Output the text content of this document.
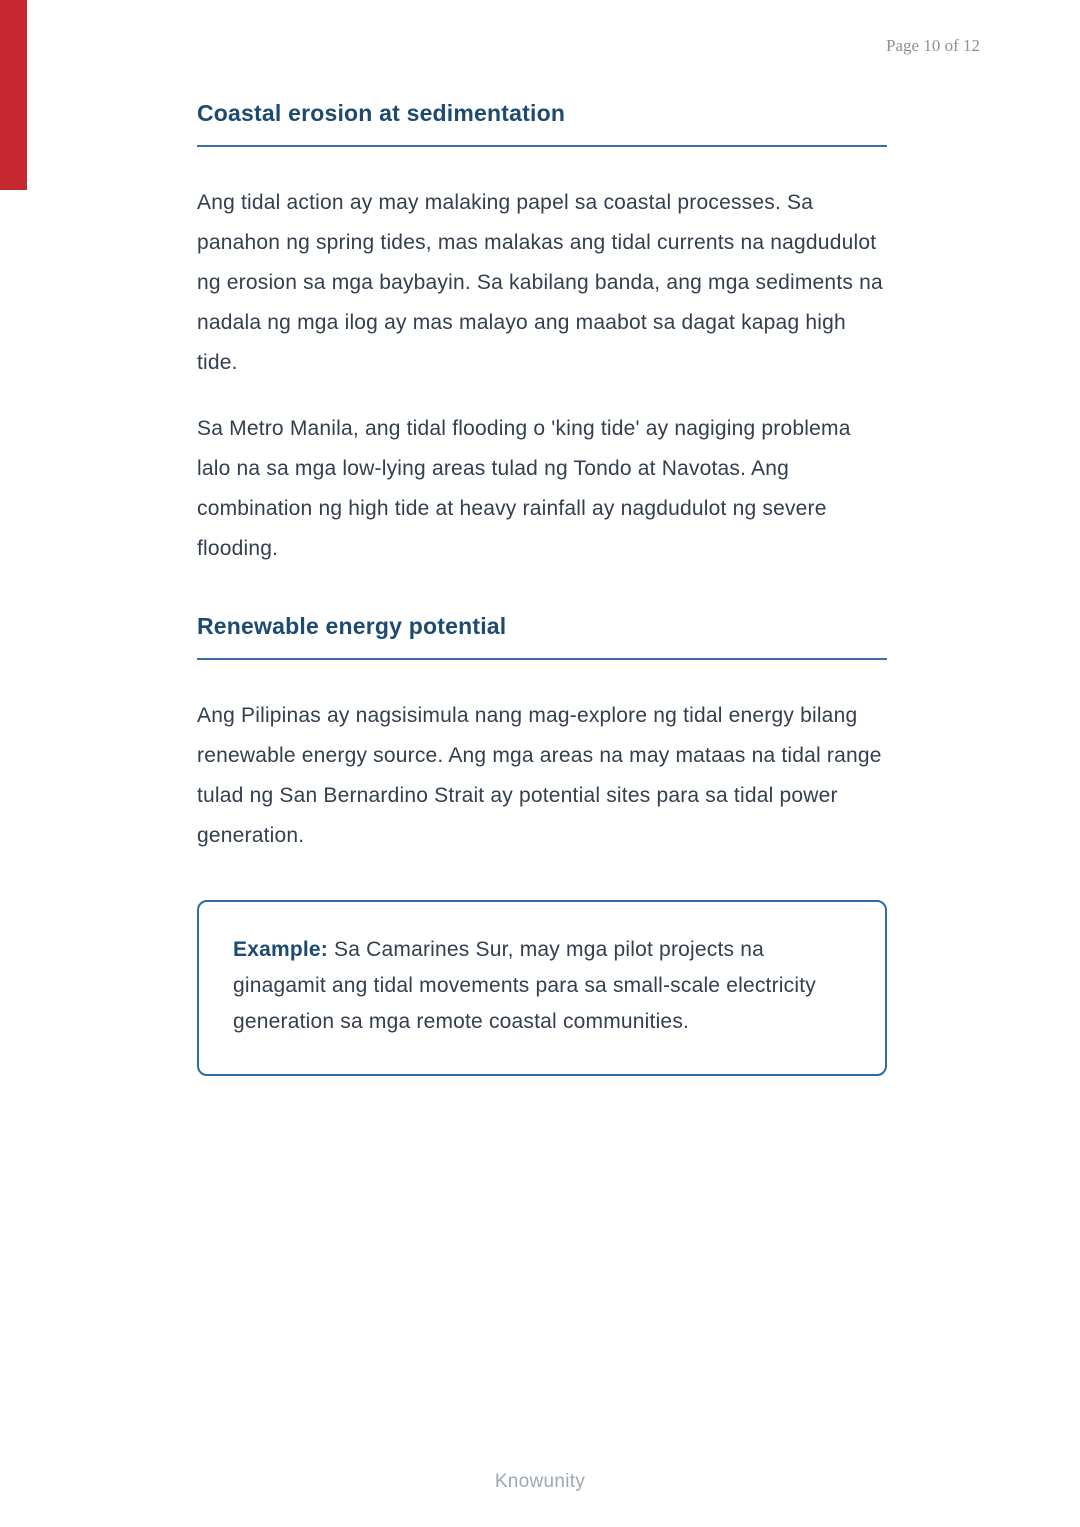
Page 10 of 12
Coastal erosion at sedimentation

Ang tidal action ay may malaking papel sa coastal processes. Sa panahon ng spring tides, mas malakas ang tidal currents na nagdudulot ng erosion sa mga baybayin. Sa kabilang banda, ang mga sediments na nadala ng mga ilog ay mas malayo ang maabot sa dagat kapag high tide.

Sa Metro Manila, ang tidal flooding o 'king tide' ay nagiging problema lalo na sa mga low-lying areas tulad ng Tondo at Navotas. Ang combination ng high tide at heavy rainfall ay nagdudulot ng severe flooding.

Renewable energy potential

Ang Pilipinas ay nagsisimula nang mag-explore ng tidal energy bilang renewable energy source. Ang mga areas na may mataas na tidal range tulad ng San Bernardino Strait ay potential sites para sa tidal power generation.

Example: Sa Camarines Sur, may mga pilot projects na ginagamit ang tidal movements para sa small-scale electricity generation sa mga remote coastal communities.
Knowunity
